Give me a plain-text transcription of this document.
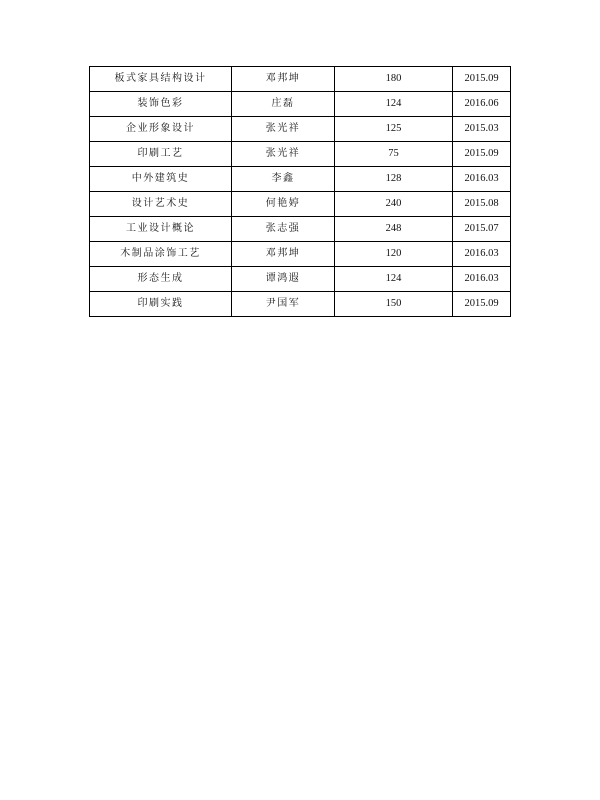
板式家具结构设计	邓邦坤	180	2015.09
装饰色彩	庄磊	124	2016.06
企业形象设计	张光祥	125	2015.03
印刷工艺	张光祥	75	2015.09
中外建筑史	李鑫	128	2016.03
设计艺术史	何艳婷	240	2015.08
工业设计概论	张志强	248	2015.07
木制品涂饰工艺	邓邦坤	120	2016.03
形态生成	谭鸿遐	124	2016.03
印刷实践	尹国军	150	2015.09
